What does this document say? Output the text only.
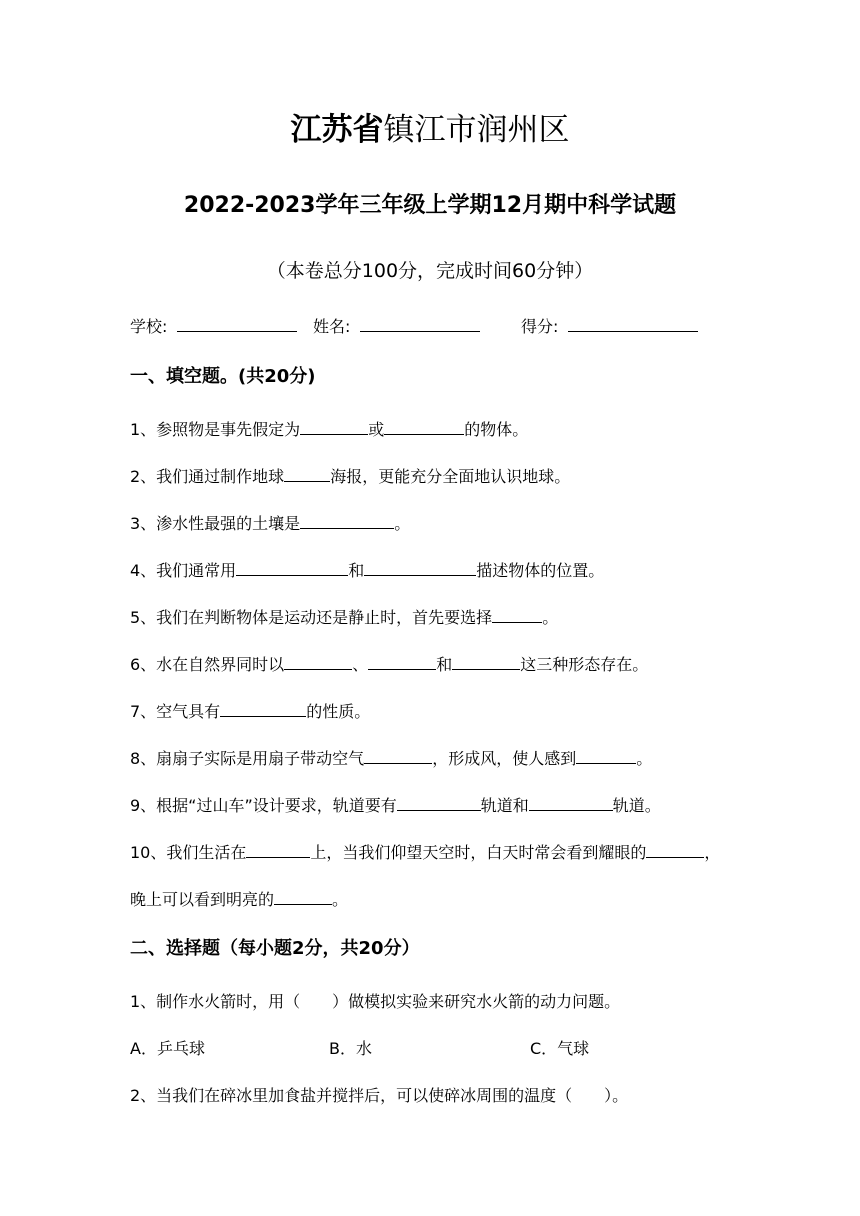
江苏省镇江市润州区
2022-2023学年三年级上学期12月期中科学试题
（本卷总分100分，完成时间60分钟）
学校:	姓名:	得分:
一、填空题。(共20分)
1、参照物是事先假定为	或	的物体。
2、我们通过制作地球	海报，更能充分全面地认识地球。
3、渗水性最强的土壤是	。
4、我们通常用	和	描述物体的位置。
5、我们在判断物体是运动还是静止时，首先要选择	。
6、水在自然界同时以	、	和	这三种形态存在。
7、空气具有	的性质。
8、扇扇子实际是用扇子带动空气	，形成风，使人感到	。
9、根据“过山车”设计要求，轨道要有	轨道和	轨道。
10、我们生活在	上，当我们仰望天空时，白天时常会看到耀眼的	，
晚上可以看到明亮的	。
二、选择题（每小题2分，共20分）
1、制作水火箭时，用（　　）做模拟实验来研究水火箭的动力问题。
A．乒乓球	B．水	C．气球
2、当我们在碎冰里加食盐并搅拌后，可以使碎冰周围的温度（　　）。
